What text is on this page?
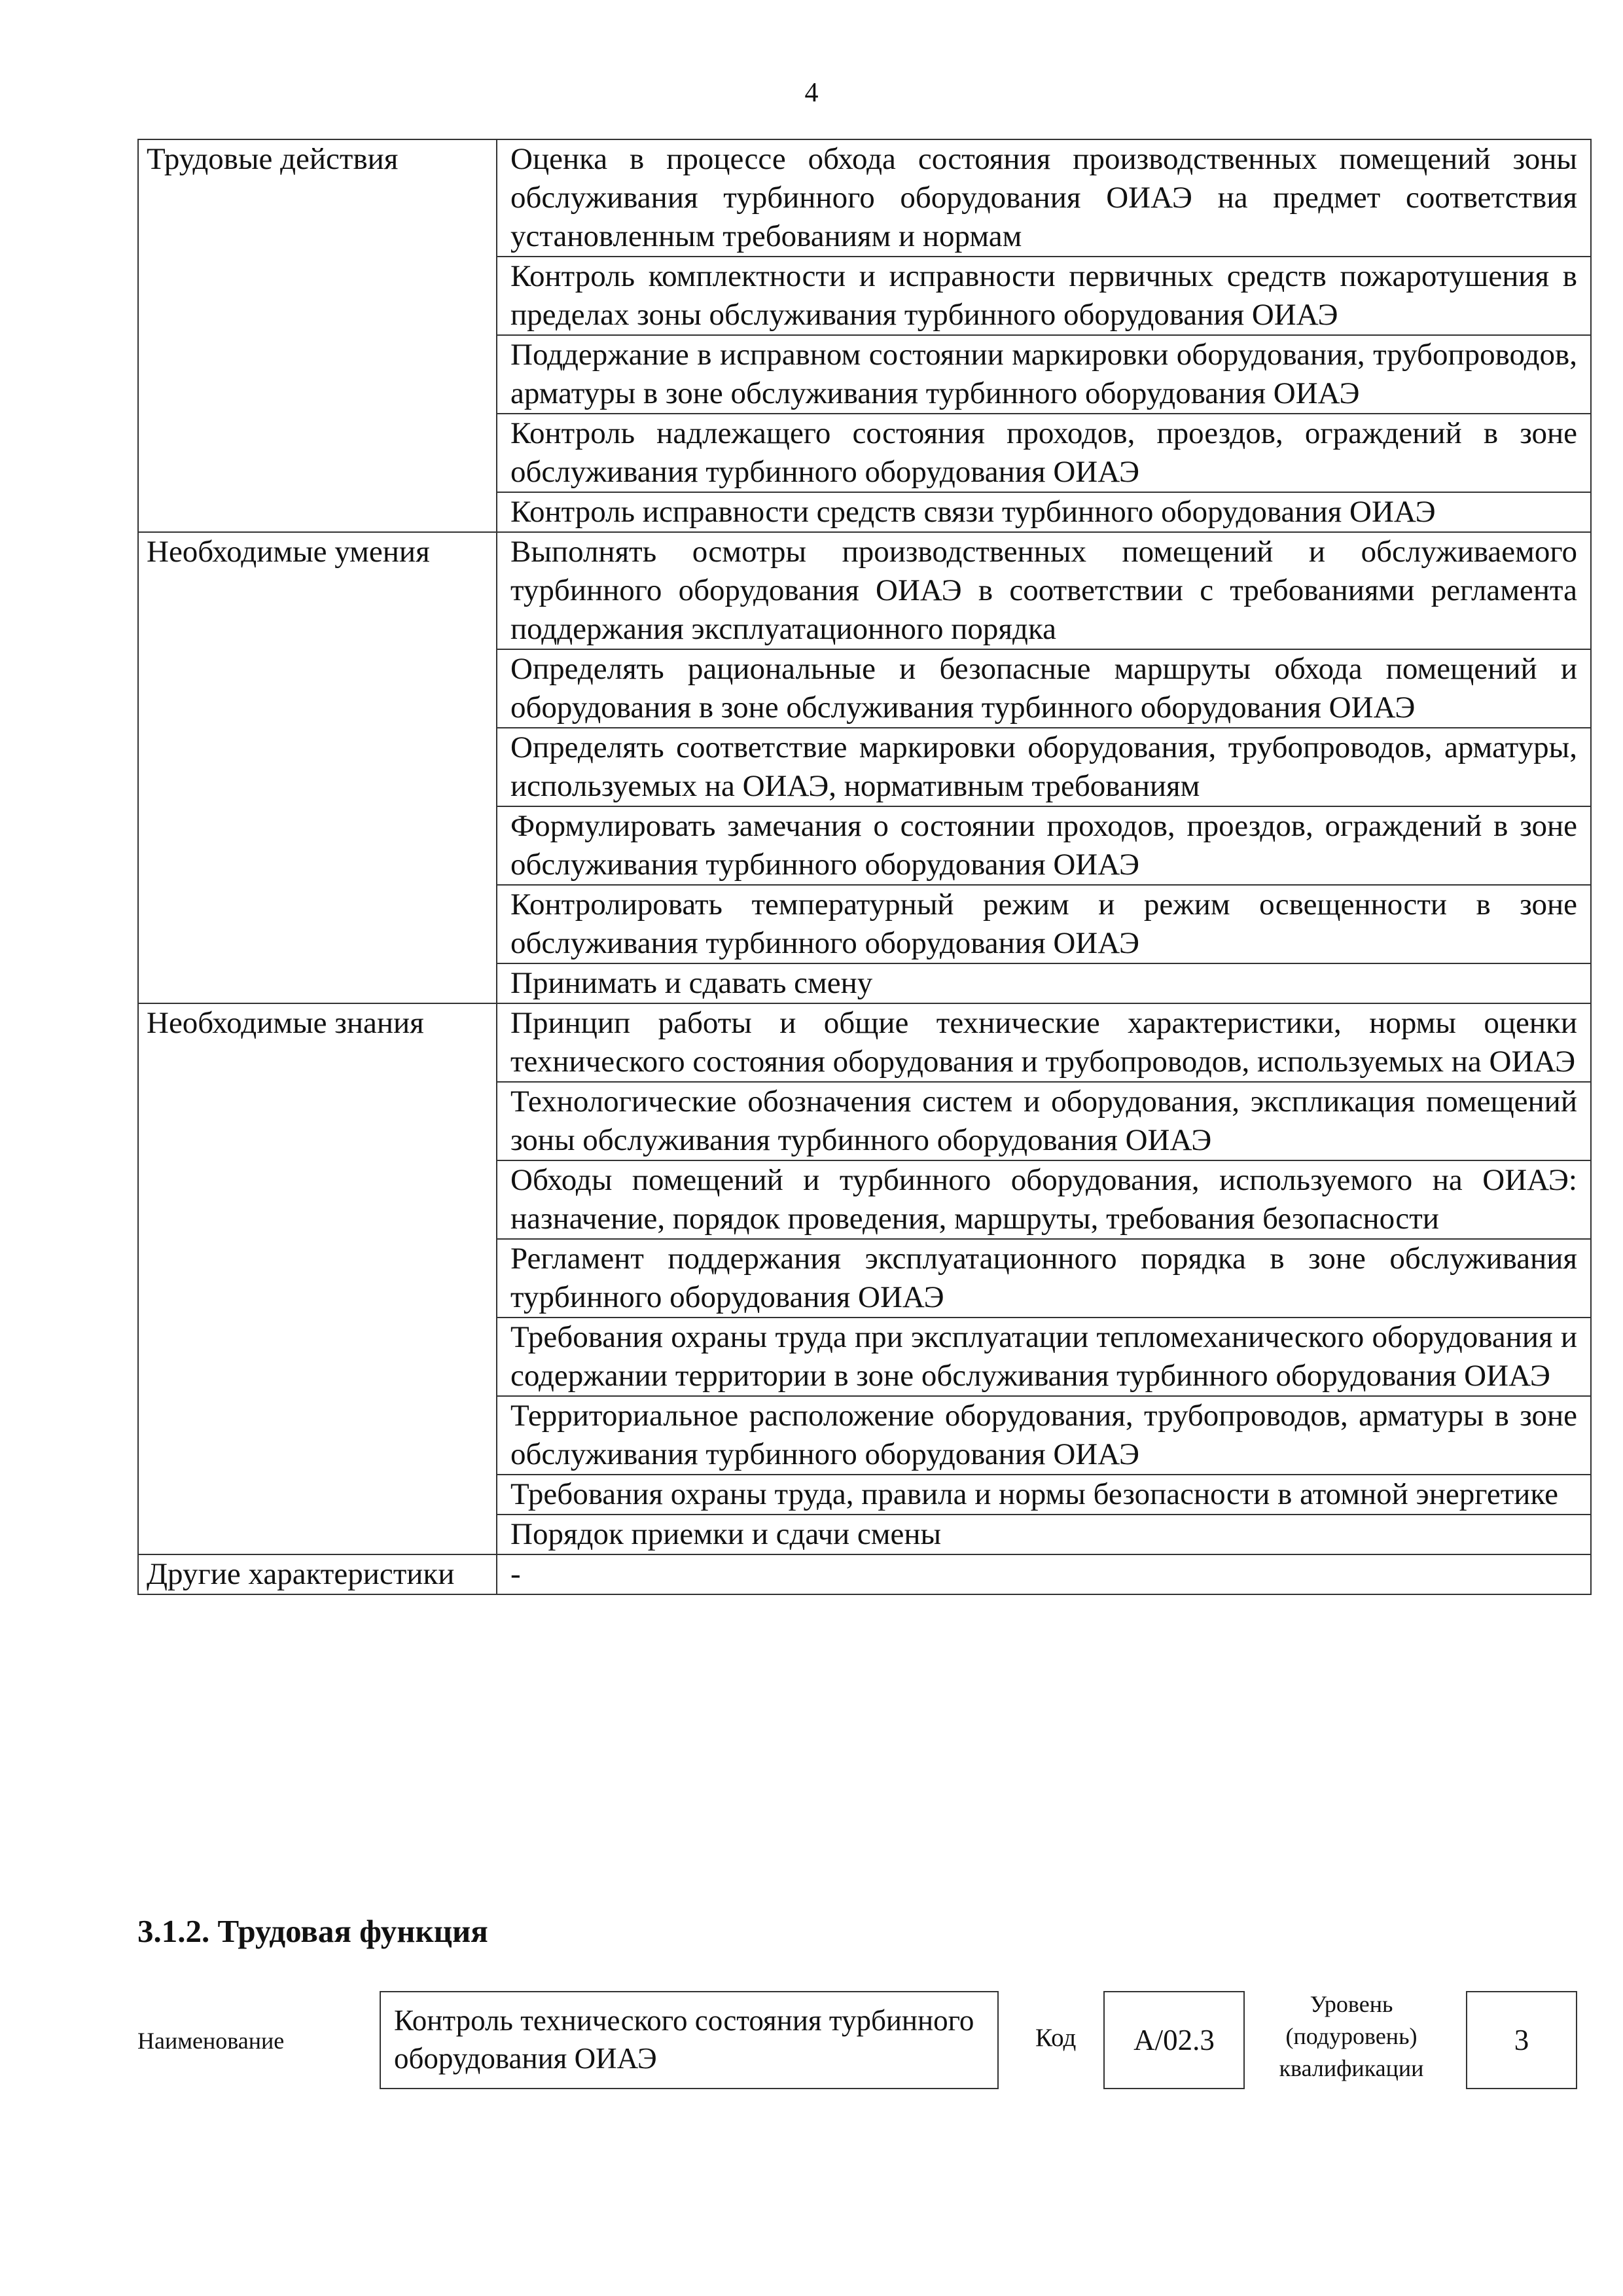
4
Трудовые действия	Оценка в процессе обхода состояния производственных помещений зоны обслуживания турбинного оборудования ОИАЭ на предмет соответствия установленным требованиям и нормам
	Контроль комплектности и исправности первичных средств пожаротушения в пределах зоны обслуживания турбинного оборудования ОИАЭ
	Поддержание в исправном состоянии маркировки оборудования, трубопроводов, арматуры в зоне обслуживания турбинного оборудования ОИАЭ
	Контроль надлежащего состояния проходов, проездов, ограждений в зоне обслуживания турбинного оборудования ОИАЭ
	Контроль исправности средств связи турбинного оборудования ОИАЭ
Необходимые умения	Выполнять осмотры производственных помещений и обслуживаемого турбинного оборудования ОИАЭ в соответствии с требованиями регламента поддержания эксплуатационного порядка
	Определять рациональные и безопасные маршруты обхода помещений и оборудования в зоне обслуживания турбинного оборудования ОИАЭ
	Определять соответствие маркировки оборудования, трубопроводов, арматуры, используемых на ОИАЭ, нормативным требованиям
	Формулировать замечания о состоянии проходов, проездов, ограждений в зоне обслуживания турбинного оборудования ОИАЭ
	Контролировать температурный режим и режим освещенности в зоне обслуживания турбинного оборудования ОИАЭ
	Принимать и сдавать смену
Необходимые знания	Принцип работы и общие технические характеристики, нормы оценки технического состояния оборудования и трубопроводов, используемых на ОИАЭ
	Технологические обозначения систем и оборудования, экспликация помещений зоны обслуживания турбинного оборудования ОИАЭ
	Обходы помещений и турбинного оборудования, используемого на ОИАЭ: назначение, порядок проведения, маршруты, требования безопасности
	Регламент поддержания эксплуатационного порядка в зоне обслуживания турбинного оборудования ОИАЭ
	Требования охраны труда при эксплуатации тепломеханического оборудования и содержании территории в зоне обслуживания турбинного оборудования ОИАЭ
	Территориальное расположение оборудования, трубопроводов, арматуры в зоне обслуживания турбинного оборудования ОИАЭ
	Требования охраны труда, правила и нормы безопасности в атомной энергетике
	Порядок приемки и сдачи смены
Другие характеристики	-
3.1.2. Трудовая функция
Наименование
Контроль технического состояния турбинного оборудования ОИАЭ
Код	A/02.3
Уровень (подуровень) квалификации
3
